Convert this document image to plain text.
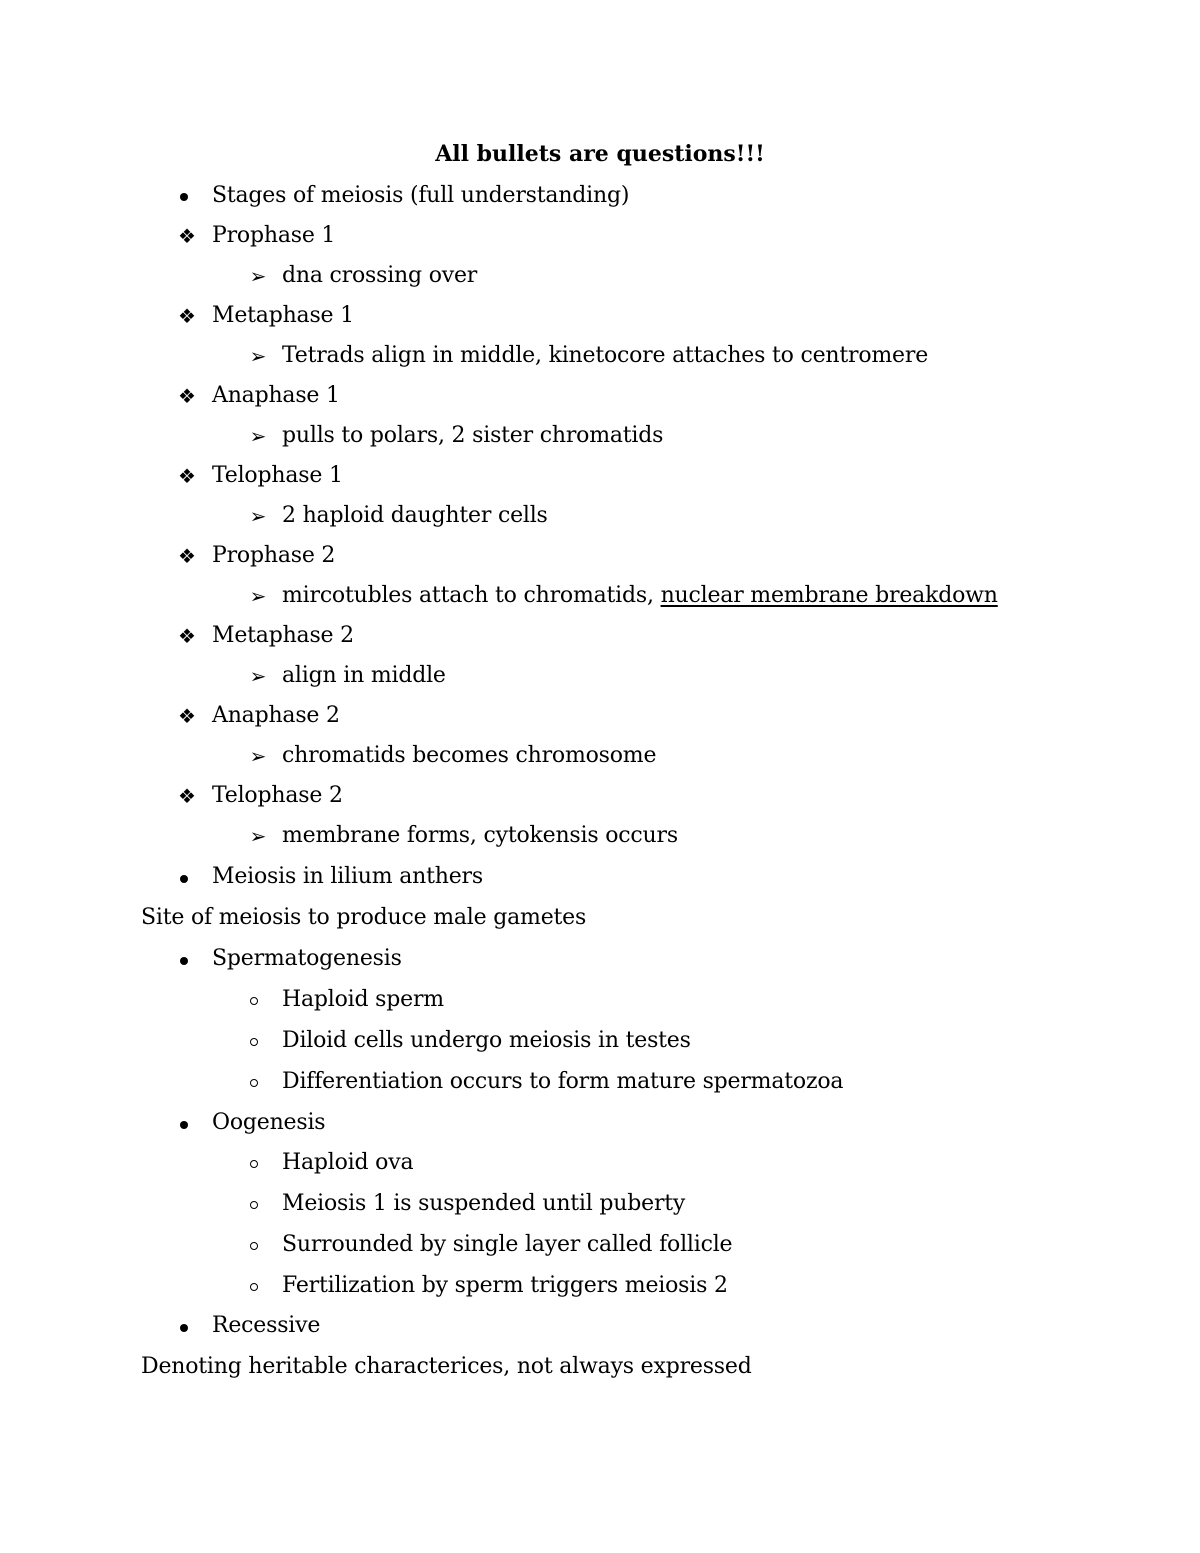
All bullets are questions!!!
Stages of meiosis (full understanding)
❖ Prophase 1
➢ dna crossing over
❖ Metaphase 1
➢ Tetrads align in middle, kinetocore attaches to centromere
❖ Anaphase 1
➢ pulls to polars, 2 sister chromatids
❖ Telophase 1
➢ 2 haploid daughter cells
❖ Prophase 2
➢ mircotubles attach to chromatids, nuclear membrane breakdown
❖ Metaphase 2
➢ align in middle
❖ Anaphase 2
➢ chromatids becomes chromosome
❖ Telophase 2
➢ membrane forms, cytokensis occurs
Meiosis in lilium anthers
Site of meiosis to produce male gametes
Spermatogenesis
Haploid sperm
Diloid cells undergo meiosis in testes
Differentiation occurs to form mature spermatozoa
Oogenesis
Haploid ova
Meiosis 1 is suspended until puberty
Surrounded by single layer called follicle
Fertilization by sperm triggers meiosis 2
Recessive
Denoting heritable characterices, not always expressed
